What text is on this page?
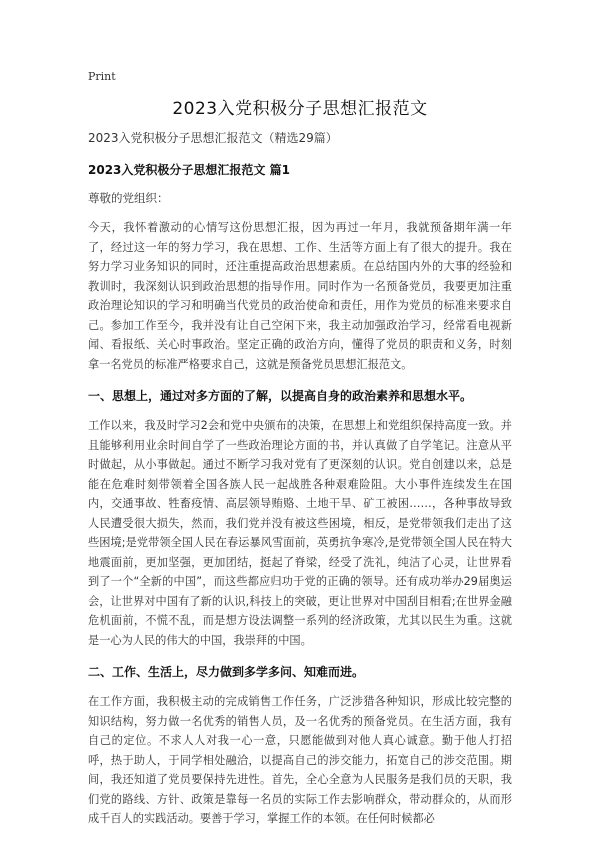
Print
2023入党积极分子思想汇报范文

2023入党积极分子思想汇报范文（精选29篇）

2023入党积极分子思想汇报范文 篇1

尊敬的党组织：

今天，我怀着激动的心情写这份思想汇报，因为再过一年月，我就预备期年满一年了，经过这一年的努力学习，我在思想、工作、生活等方面上有了很大的提升。我在努力学习业务知识的同时，还注重提高政治思想素质。在总结国内外的大事的经验和教训时，我深刻认识到政治思想的指导作用。同时作为一名预备党员，我要更加注重政治理论知识的学习和明确当代党员的政治使命和责任，用作为党员的标准来要求自己。参加工作至今，我并没有让自己空闲下来，我主动加强政治学习，经常看电视新闻、看报纸、关心时事政治。坚定正确的政治方向，懂得了党员的职责和义务，时刻拿一名党员的标准严格要求自己，这就是预备党员思想汇报范文。

一、思想上，通过对多方面的了解，以提高自身的政治素养和思想水平。

工作以来，我及时学习2会和党中央颁布的决策，在思想上和党组织保持高度一致。并且能够利用业余时间自学了一些政治理论方面的书，并认真做了自学笔记。注意从平时做起，从小事做起。通过不断学习我对党有了更深刻的认识。党自创建以来，总是能在危难时刻带领着全国各族人民一起战胜各种艰难险阻。大小事件连续发生在国内，交通事故、牲畜疫情、高层领导贿赂、土地干旱、矿工被困……，各种事故导致人民遭受很大损失，然而，我们党并没有被这些困境，相反，是党带领我们走出了这些困境;是党带领全国人民在春运暴风雪面前，英勇抗争寒冷,是党带领全国人民在特大地震面前，更加坚强，更加团结，挺起了脊梁，经受了洗礼，纯洁了心灵，让世界看到了一个“全新的中国”，而这些都应归功于党的正确的领导。还有成功举办29届奥运会，让世界对中国有了新的认识,科技上的突破，更让世界对中国刮目相看;在世界金融危机面前，不慌不乱，而是想方设法调整一系列的经济政策，尤其以民生为重。这就是一心为人民的伟大的中国，我崇拜的中国。

二、工作、生活上，尽力做到多学多问、知难而进。

在工作方面，我积极主动的完成销售工作任务，广泛涉猎各种知识，形成比较完整的知识结构，努力做一名优秀的销售人员，及一名优秀的预备党员。在生活方面，我有自己的定位。不求人人对我一心一意，只愿能做到对他人真心诚意。勤于他人打招呼，热于助人，于同学相处融洽，以提高自己的涉交能力，拓宽自己的涉交范围。期间，我还知道了党员要保持先进性。首先，全心全意为人民服务是我们员的天职，我们党的路线、方针、政策是靠每一名员的实际工作去影响群众，带动群众的，从而形成千百人的实践活动。要善于学习，掌握工作的本领。在任何时候都必
